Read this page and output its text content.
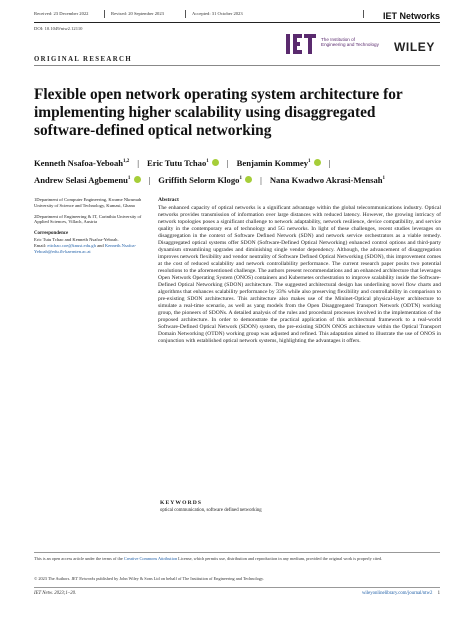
Received: 23 December 2022	Revised: 20 September 2023	Accepted: 31 October 2023	IET Networks
DOI: 10.1049/ntw2.12110
The Institution of
Engineering and Technology WILEY
ORIGINAL RESEARCH
Flexible open network operating system architecture for implementing higher scalability using disaggregated software-defined optical networking
Kenneth Nsafoa-Yeboah$^{1,2}$ | Eric Tutu Tchao$^1$ | Benjamin Kommey$^1$ |
Andrew Selasi Agbemenu$^1$ | Griffith Selorm Klogo$^1$ | Nana Kwadwo Akrasi-Mensah$^1$

1Department of Computer Engineering, Kwame Nkrumah University of Science and Technology, Kumasi, Ghana

2Department of Engineering & IT, Carinthia University of Applied Sciences, Villach, Austria

Correspondence
Eric Tutu Tchao and Kenneth Nsafoa-Yeboah.
Email: ettchao.coe@knust.edu.gh and Kenneth.Nsafoa-Yeboah@edu.fh-kaernten.ac.at

Abstract

The enhanced capacity of optical networks is a significant advantage within the global telecommunications industry. Optical networks provides transmission of information over large distances with reduced latency. However, the growing intricacy of network topologies poses a significant challenge to network adaptability, network resilience, device compatibility, and service quality in the contemporary era of technology and 5G networks. In light of these challenges, recent studies leverages on disaggregation in the context of Software Defined Network (SDN) and network service orchestrators as a viable remedy. Disaggregated optical systems offer SDON (Software-Defined Optical Networking) enhanced control options and third-party dynamism streamlining upgrades and diminishing single vendor dependency. Although, the advancement of disaggregation improves network flexibility and vendor neutrality of Software Defined Optical Networking (SDON), this improvement comes at the cost of reduced scalability and network controllability performance. The current research paper posits two potential resolutions to the aforementioned challenge. The authors present recommendations and an enhanced architecture that leverages Open Network Operating System (ONOS) containers and Kubernetes orchestration to improve scalability inside the Software-Defined Optical Networking (SDON) architecture. The suggested architectural design has underlining novel flow charts and algorithms that enhances scalability performance by 33% while also preserving flexibility and controllability in comparison to pre-existing SDON architectures. This architecture also makes use of the Mininet-Optical physical-layer architecture to simulate a real-time scenario, as well as yang models from the Open Disaggregated Transport Network (ODTN) working group, the pioneers of SDONs. A detailed analysis of the rules and procedural processes involved in the implementation of the proposed architecture. In order to demonstrate the practical application of this architectural framework to a real-world Software-Defined Optical Network (SDON) system, the pre-existing SDON ONOS architecture within the Optical Transport Domain Networking (OTDN) working group was adjusted and refined. This adaptation aimed to illustrate the use of ONOS in conjunction with established optical network systems, highlighting the advantages it offers.

KEYWORDS
optical communication, software defined networking
This is an open access article under the terms of the Creative Commons Attribution License, which permits use, distribution and reproduction in any medium, provided the original work is properly cited.
© 2023 The Authors. IET Networks published by John Wiley & Sons Ltd on behalf of The Institution of Engineering and Technology.
IET Netw. 2023;1–20.	wileyonlinelibrary.com/journal/ntw2 1
